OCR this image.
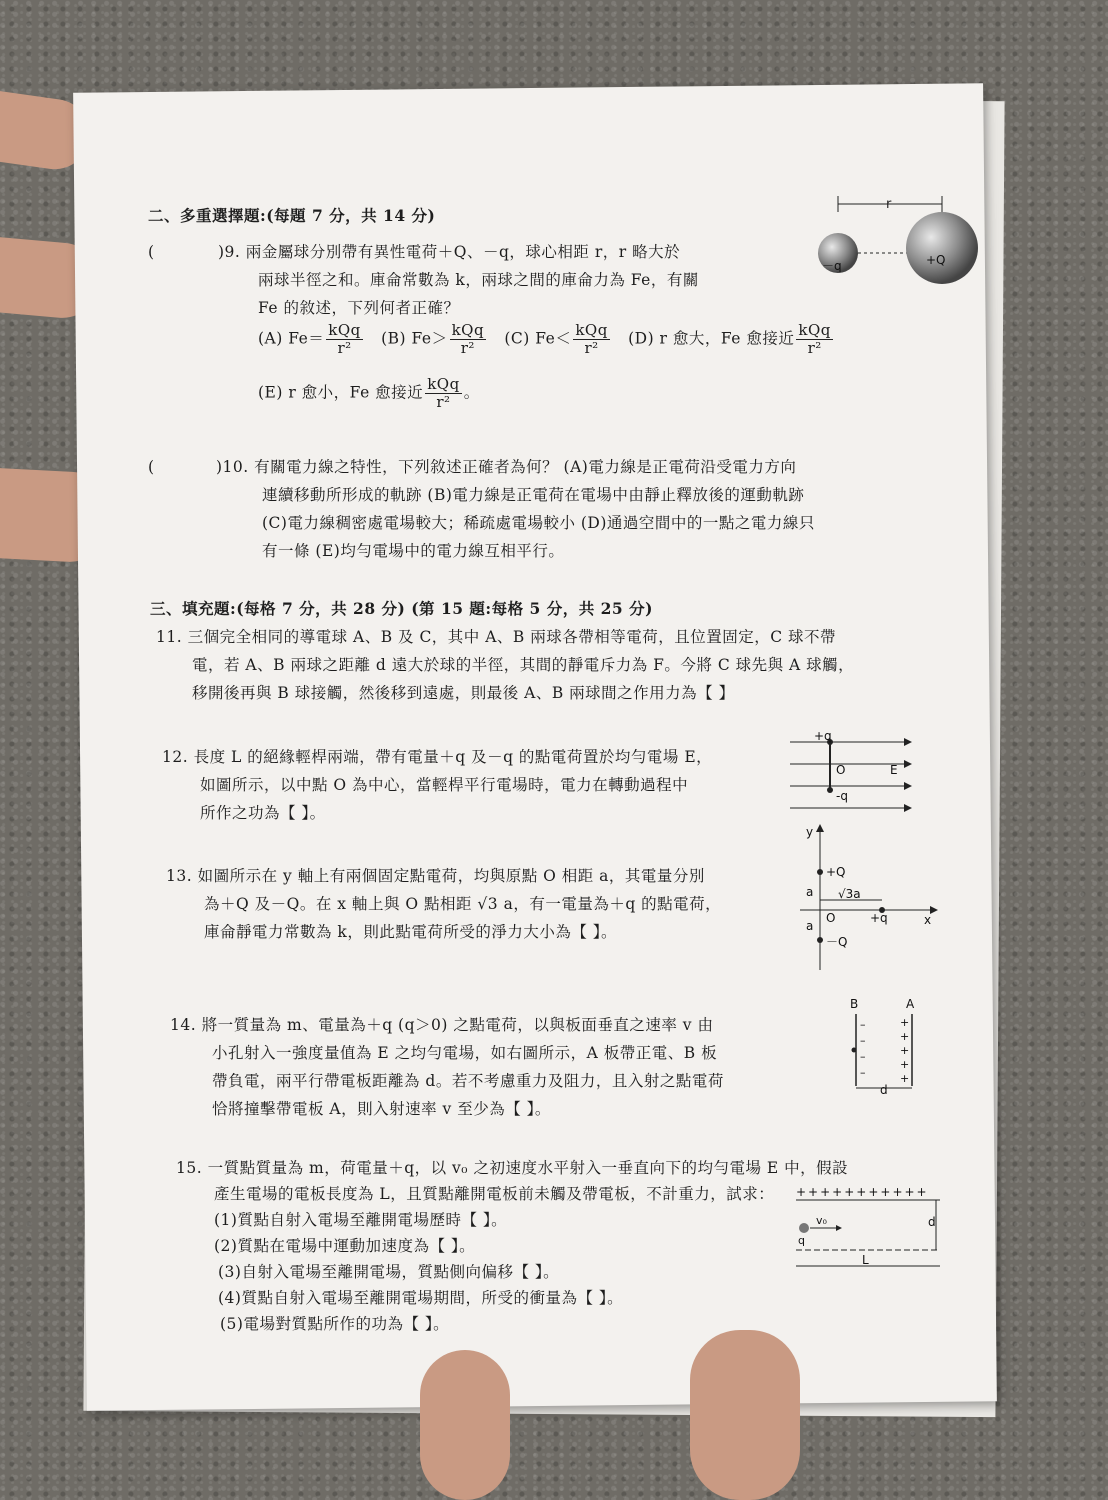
二、多重選擇題:(每題 7 分，共 14 分)
(	)9. 兩金屬球分別帶有異性電荷＋Q、－q，球心相距 r，r 略大於
兩球半徑之和。庫侖常數為 k，兩球之間的庫侖力為 Fe，有關
Fe 的敘述，下列何者正確？
(A) $Fe= \frac{\text{kQq}}{\text{r²}} (B)$ $Fe> \frac{\text{kQq}}{\text{r²}} (C)$ $Fe< \frac{\text{kQq}}{\text{r²}} (D)$ r 愈大，Fe 愈接近 $\frac{\text{kQq}}{\text{r²}}$
(E) r 愈小，Fe 愈接近 $\frac{\text{kQq}}{\text{r²}}$ 。
r
－q	+Q
(	)10. 有關電力線之特性，下列敘述正確者為何？ (A)電力線是正電荷沿受電力方向
連續移動所形成的軌跡 (B)電力線是正電荷在電場中由靜止釋放後的運動軌跡
(C)電力線稠密處電場較大；稀疏處電場較小 (D)通過空間中的一點之電力線只
有一條 (E)均勻電場中的電力線互相平行。
三、填充題:(每格 7 分，共 28 分) (第 15 題:每格 5 分，共 25 分)
11. 三個完全相同的導電球 A、B 及 C，其中 A、B 兩球各帶相等電荷，且位置固定，C 球不帶
電，若 A、B 兩球之距離 d 遠大於球的半徑，其間的靜電斥力為 F。今將 C 球先與 A 球觸，
移開後再與 B 球接觸，然後移到遠處，則最後 A、B 兩球間之作用力為【 】
12. 長度 L 的絕緣輕桿兩端，帶有電量＋q 及－q 的點電荷置於均勻電場 E，
如圖所示，以中點 O 為中心，當輕桿平行電場時，電力在轉動過程中
所作之功為【 】。
+q
O	E
-q
13. 如圖所示在 y 軸上有兩個固定點電荷，均與原點 O 相距 a，其電量分別
為＋Q 及－Q。在 x 軸上與 O 點相距 √3 a，有一電量為＋q 的點電荷，
庫侖靜電力常數為 k，則此點電荷所受的淨力大小為【 】。
y
x
+Q
－Q
a
a
√3a
O	+q
14. 將一質量為 m、電量為＋q (q＞0) 之點電荷，以與板面垂直之速率 v 由
小孔射入一強度量值為 E 之均勻電場，如右圖所示，A 板帶正電、B 板
帶負電，兩平行帶電板距離為 d。若不考慮重力及阻力，且入射之點電荷
恰將撞擊帶電板 A，則入射速率 v 至少為【 】。
B	A
–
–
–
–
+
+
+
+
+
d
15. 一質點質量為 m，荷電量＋q，以 v₀ 之初速度水平射入一垂直向下的均勻電場 E 中，假設
產生電場的電板長度為 L，且質點離開電板前未觸及帶電板，不計重力，試求：
(1)質點自射入電場至離開電場歷時【 】。
(2)質點在電場中運動加速度為【 】。
(3)自射入電場至離開電場，質點側向偏移【 】。
(4)質點自射入電場至離開電場期間，所受的衝量為【 】。
(5)電場對質點所作的功為【 】。
+++++++++++
d
v₀
q
L
